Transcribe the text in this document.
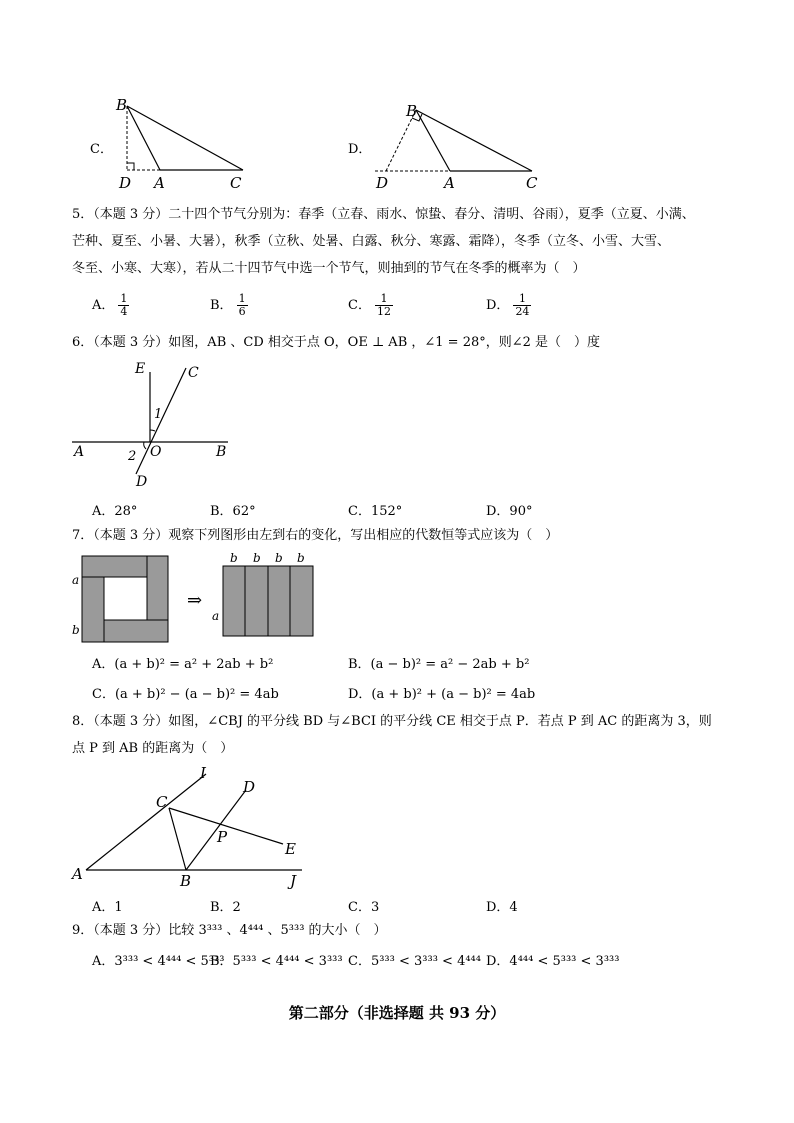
C．
B
D A	C
D．
B
D	A	C
5．（本题 3 分）二十四个节气分别为：春季（立春、雨水、惊蛰、春分、清明、谷雨），夏季（立夏、小满、
芒种、夏至、小暑、大暑），秋季（立秋、处暑、白露、秋分、寒露、霜降），冬季（立冬、小雪、大雪、
冬至、小寒、大寒），若从二十四节气中选一个节气，则抽到的节气在冬季的概率为（　）
A． $\frac{1}{4}$	B． $\frac{1}{6}$	C． $\frac{1}{12}$	D． $\frac{1}{24}$
6．（本题 3 分）如图，AB 、CD 相交于点 O，OE ⊥ AB ，∠1 = 28°，则∠2 是（　）度
E	C
1
A	O	B
2
D
A．28°	B．62°	C．152°	D．90°
7．（本题 3 分）观察下列图形由左到右的变化，写出相应的代数恒等式应该为（　）
a
b
⇒
b b b b
a
A．(a + b)² = a² + 2ab + b²	B．(a − b)² = a² − 2ab + b²
C．(a + b)² − (a − b)² = 4ab	D．(a + b)² + (a − b)² = 4ab
8．（本题 3 分）如图，∠CBJ 的平分线 BD 与∠BCI 的平分线 CE 相交于点 P．若点 P 到 AC 的距离为 3，则
点 P 到 AB 的距离为（　）
I
D
C
P
E
A	B	J
A．1	B．2	C．3	D．4
9．（本题 3 分）比较 3³³³ 、4⁴⁴⁴ 、5³³³ 的大小（　）
A．3³³³ < 4⁴⁴⁴ < 5³³³
B．5³³³ < 4⁴⁴⁴ < 3³³³ C．5³³³ < 3³³³ < 4⁴⁴⁴ D．4⁴⁴⁴ < 5³³³ < 3³³³
第二部分（非选择题 共 93 分）
